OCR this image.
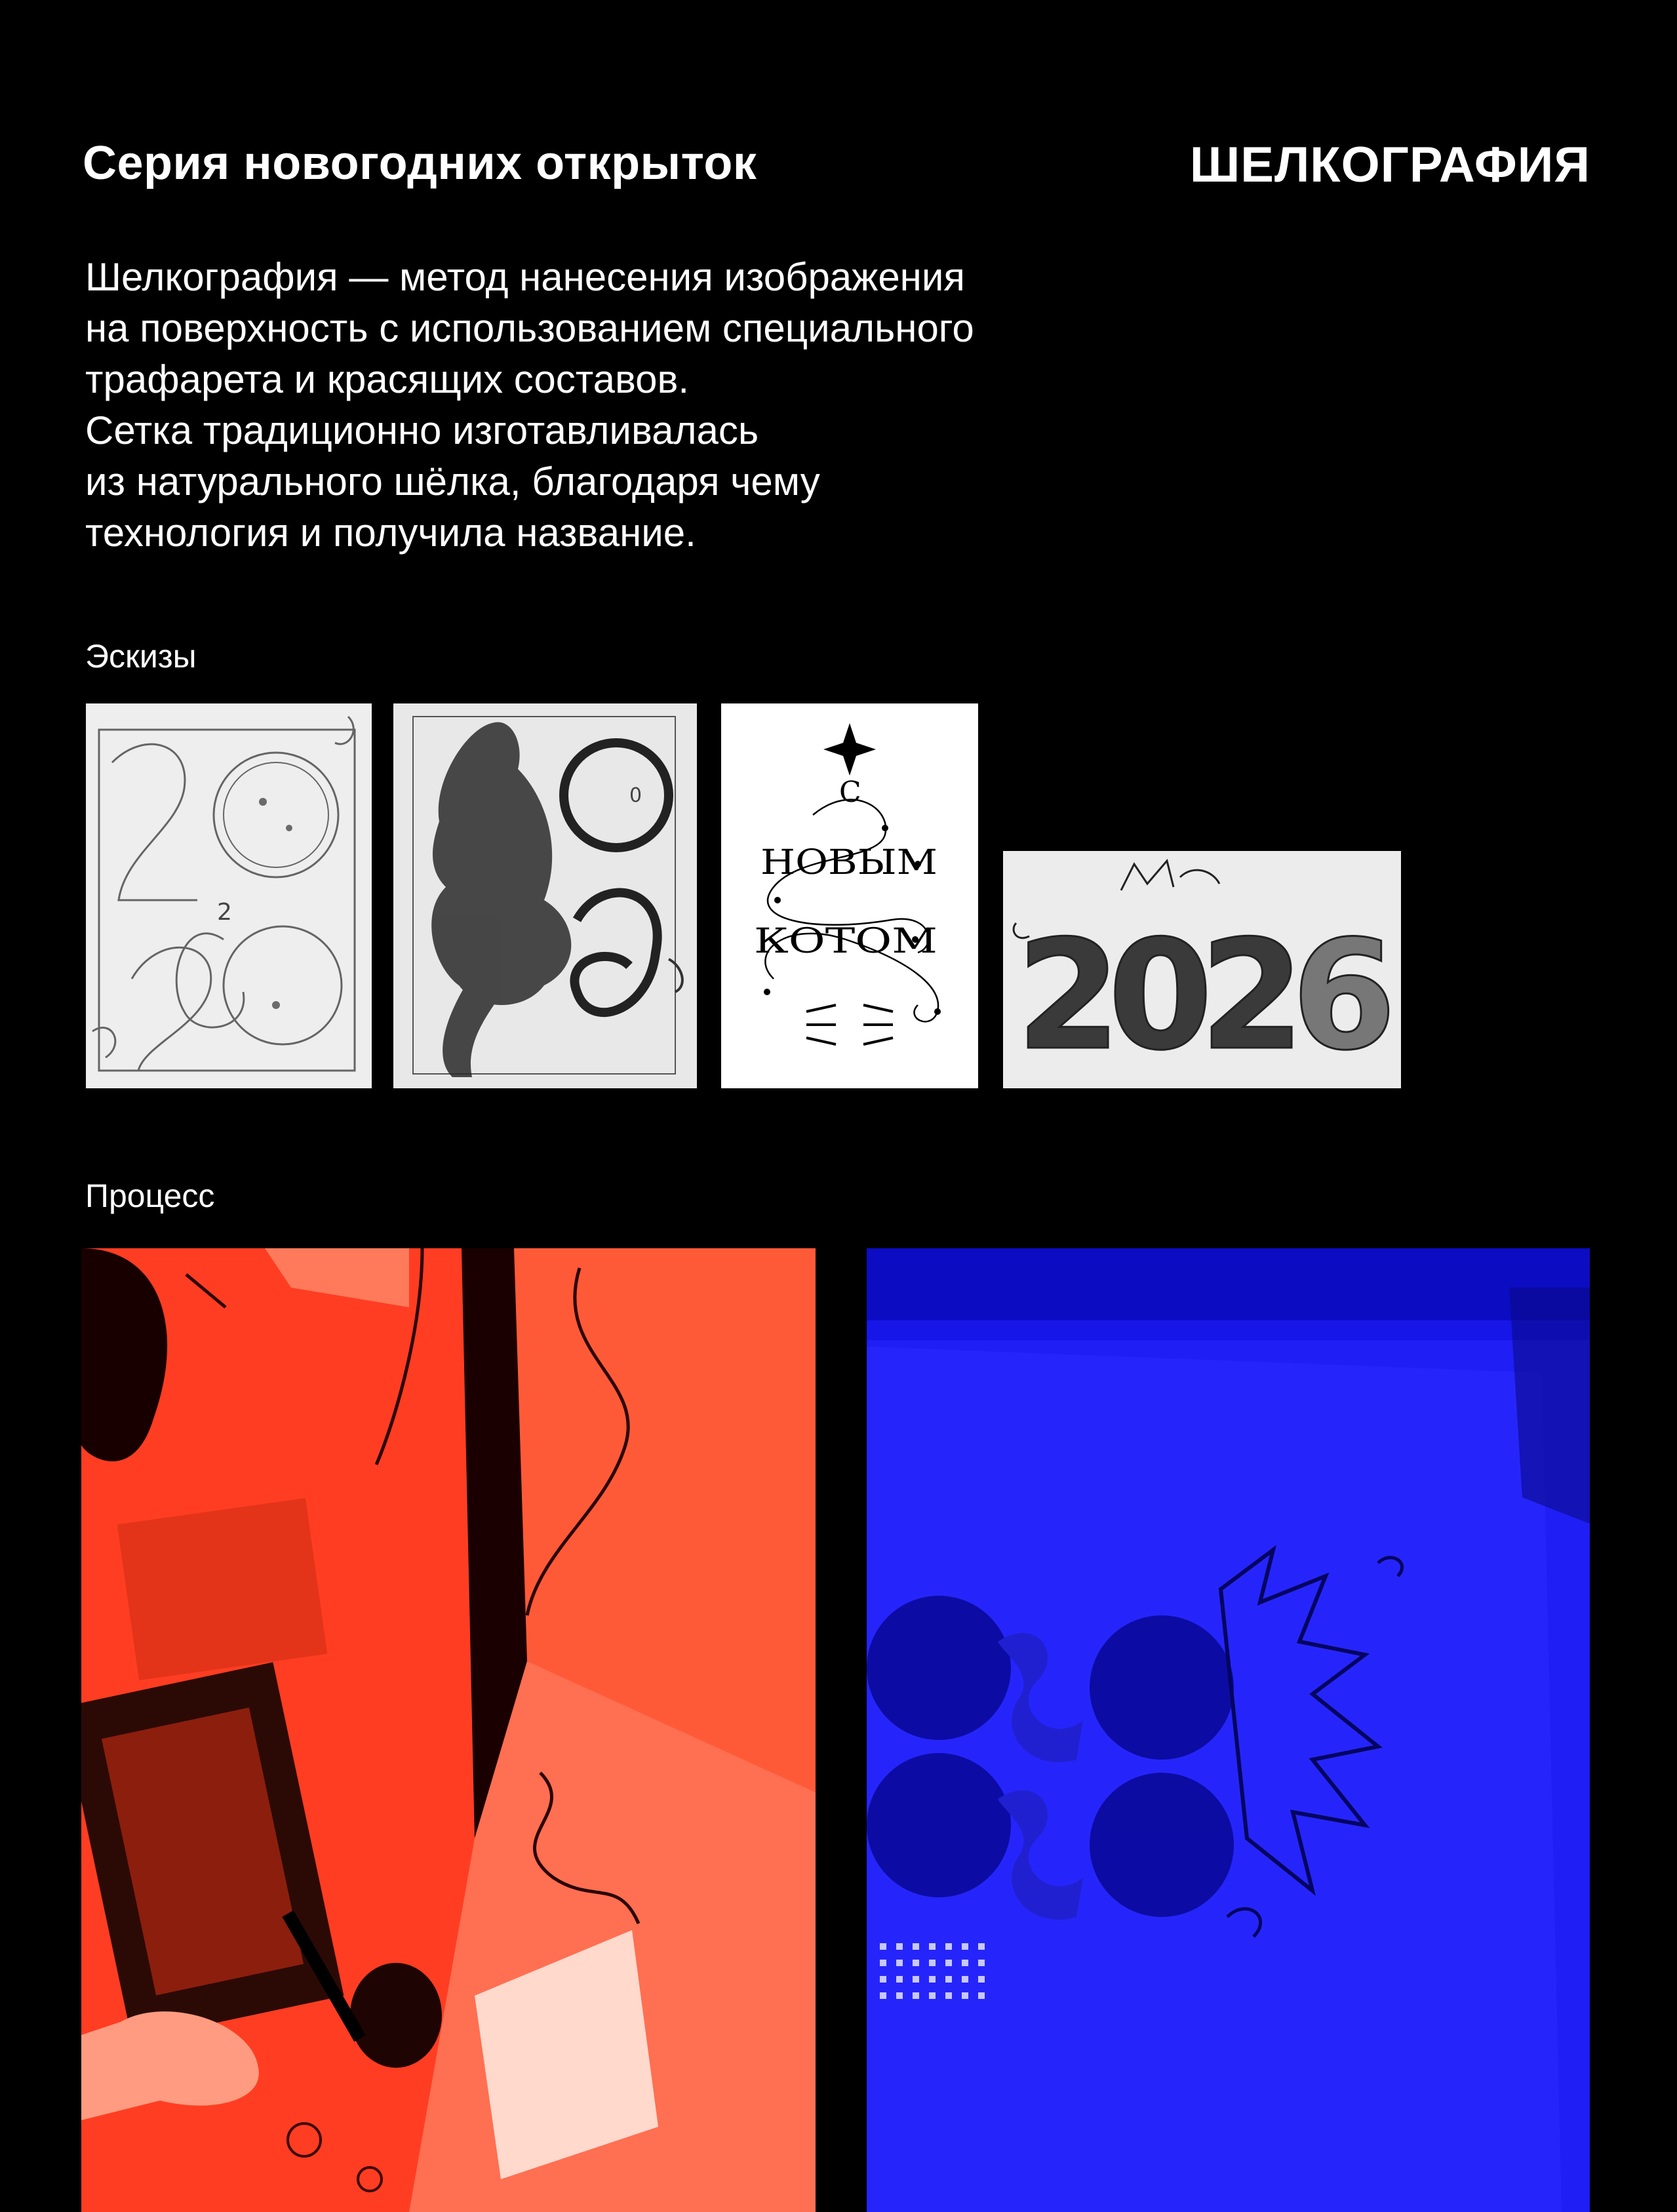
Серия новогодних открыток	ШЕЛКОГРАФИЯ
Шелкография — метод нанесения изображения
на поверхность с использованием специального
трафарета и красящих составов.
Сетка традиционно изготавливалась
из натурального шёлка, благодаря чему
технология и получила название.
Эскизы
2
0	С
НОВЫМ
КОТОМ 2
0
2
6
Процесс
